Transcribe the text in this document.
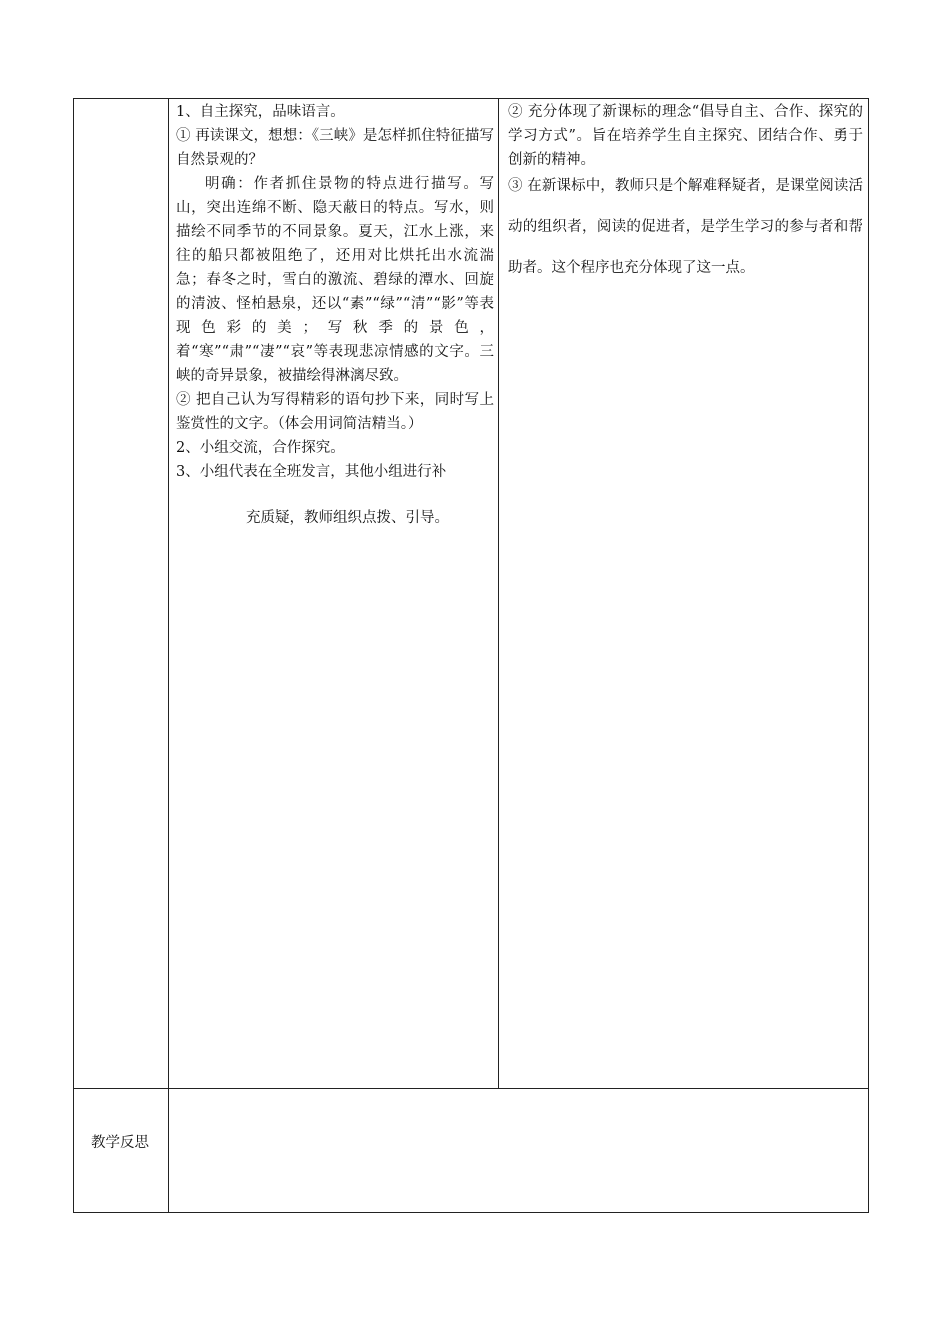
1、自主探究，品味语言。

① 再读课文，想想：《三峡》是怎样抓住特征描写自然景观的？

明确：作者抓住景物的特点进行描写。写山，突出连绵不断、隐天蔽日的特点。写水，则描绘不同季节的不同景象。夏天，江水上涨，来往的船只都被阻绝了，还用对比烘托出水流湍急；春冬之时，雪白的激流、碧绿的潭水、回旋的清波、怪柏悬泉，还以“素”“绿”“清”“影”等表现色彩的美；写秋季的景色，着“寒”“肃”“凄”“哀”等表现悲凉情感的文字。三峡的奇异景象，被描绘得淋漓尽致。

② 把自己认为写得精彩的语句抄下来，同时写上鉴赏性的文字。（体会用词简洁精当。）

2、小组交流，合作探究。

3、小组代表在全班发言，其他小组进行补

充质疑，教师组织点拨、引导。

② 充分体现了新课标的理念“倡导自主、合作、探究的学习方式”。旨在培养学生自主探究、团结合作、勇于创新的精神。

③ 在新课标中，教师只是个解难释疑者，是课堂阅读活动的组织者，阅读的促进者，是学生学习的参与者和帮助者。这个程序也充分体现了这一点。

教学反思
